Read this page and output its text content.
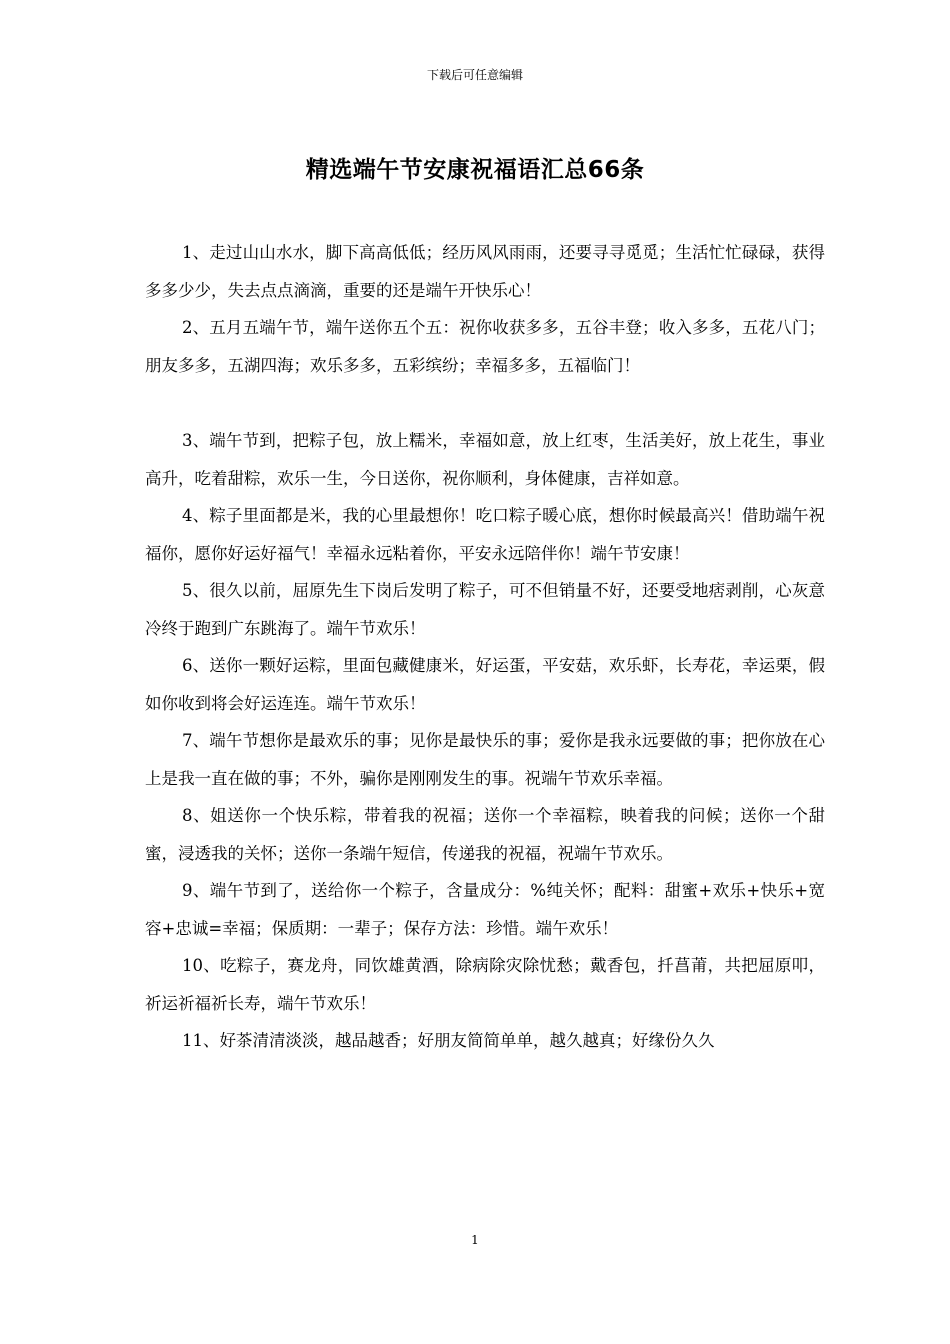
下载后可任意编辑
精选端午节安康祝福语汇总66条

1、走过山山水水，脚下高高低低；经历风风雨雨，还要寻寻觅觅；生活忙忙碌碌，获得多多少少，失去点点滴滴，重要的还是端午开快乐心！

2、五月五端午节，端午送你五个五：祝你收获多多，五谷丰登；收入多多，五花八门；朋友多多，五湖四海；欢乐多多，五彩缤纷；幸福多多，五福临门！

3、端午节到，把粽子包，放上糯米，幸福如意，放上红枣，生活美好，放上花生，事业高升，吃着甜粽，欢乐一生，今日送你，祝你顺利，身体健康，吉祥如意。

4、粽子里面都是米，我的心里最想你！吃口粽子暖心底，想你时候最高兴！借助端午祝福你，愿你好运好福气！幸福永远粘着你，平安永远陪伴你！端午节安康！

5、很久以前，屈原先生下岗后发明了粽子，可不但销量不好，还要受地痞剥削，心灰意冷终于跑到广东跳海了。端午节欢乐！

6、送你一颗好运粽，里面包藏健康米，好运蛋，平安菇，欢乐虾，长寿花，幸运栗，假如你收到将会好运连连。端午节欢乐！

7、端午节想你是最欢乐的事；见你是最快乐的事；爱你是我永远要做的事；把你放在心上是我一直在做的事；不外，骗你是刚刚发生的事。祝端午节欢乐幸福。

8、姐送你一个快乐粽，带着我的祝福；送你一个幸福粽，映着我的问候；送你一个甜蜜，浸透我的关怀；送你一条端午短信，传递我的祝福，祝端午节欢乐。

9、端午节到了，送给你一个粽子，含量成分：%纯关怀；配料：甜蜜+欢乐+快乐+宽容+忠诚=幸福；保质期：一辈子；保存方法：珍惜。端午欢乐！

10、吃粽子，赛龙舟，同饮雄黄酒，除病除灾除忧愁；戴香包，扦菖莆，共把屈原叩，祈运祈福祈长寿，端午节欢乐！

11、好茶清清淡淡，越品越香；好朋友简简单单，越久越真；好缘份久久

1
